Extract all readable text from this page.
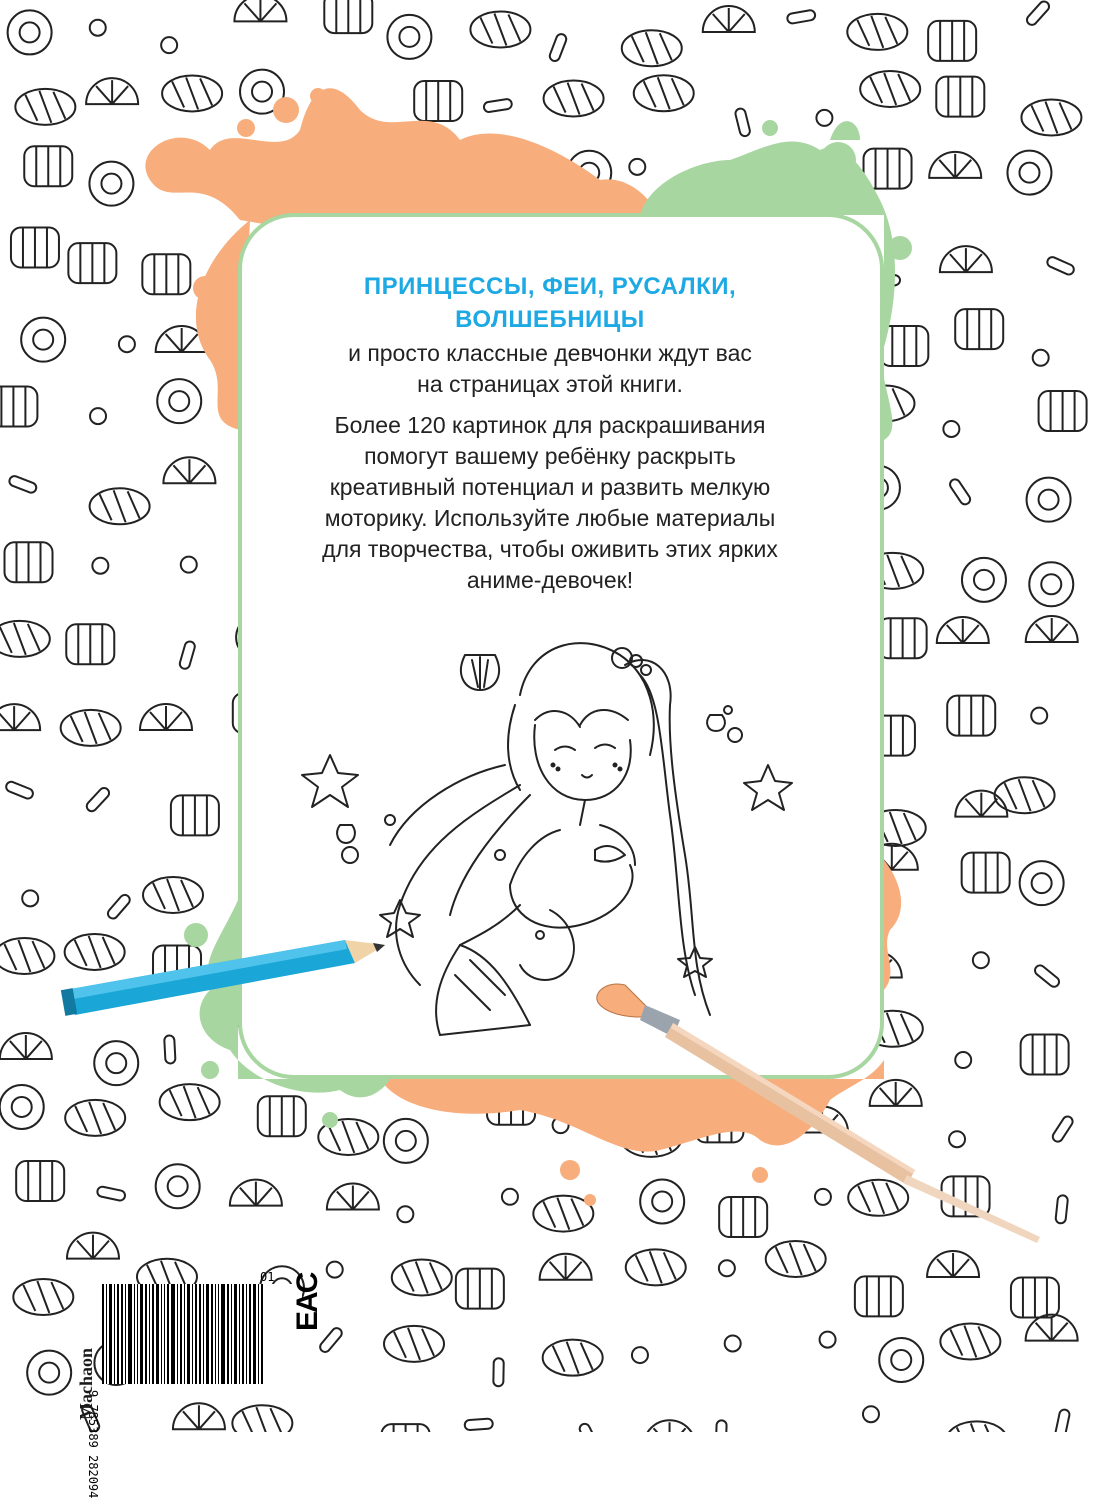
ПРИНЦЕССЫ, ФЕИ, РУСАЛКИ,
ВОЛШЕБНИЦЫ
и просто классные девчонки ждут вас
на страницах этой книги.
Более 120 картинок для раскрашивания
помогут вашему ребёнку раскрыть
креативный потенциал и развить мелкую
моторику. Используйте любые материалы
для творчества, чтобы оживить этих ярких
аниме-девочек!
01
9 785389 282094
Machaon
EAC
